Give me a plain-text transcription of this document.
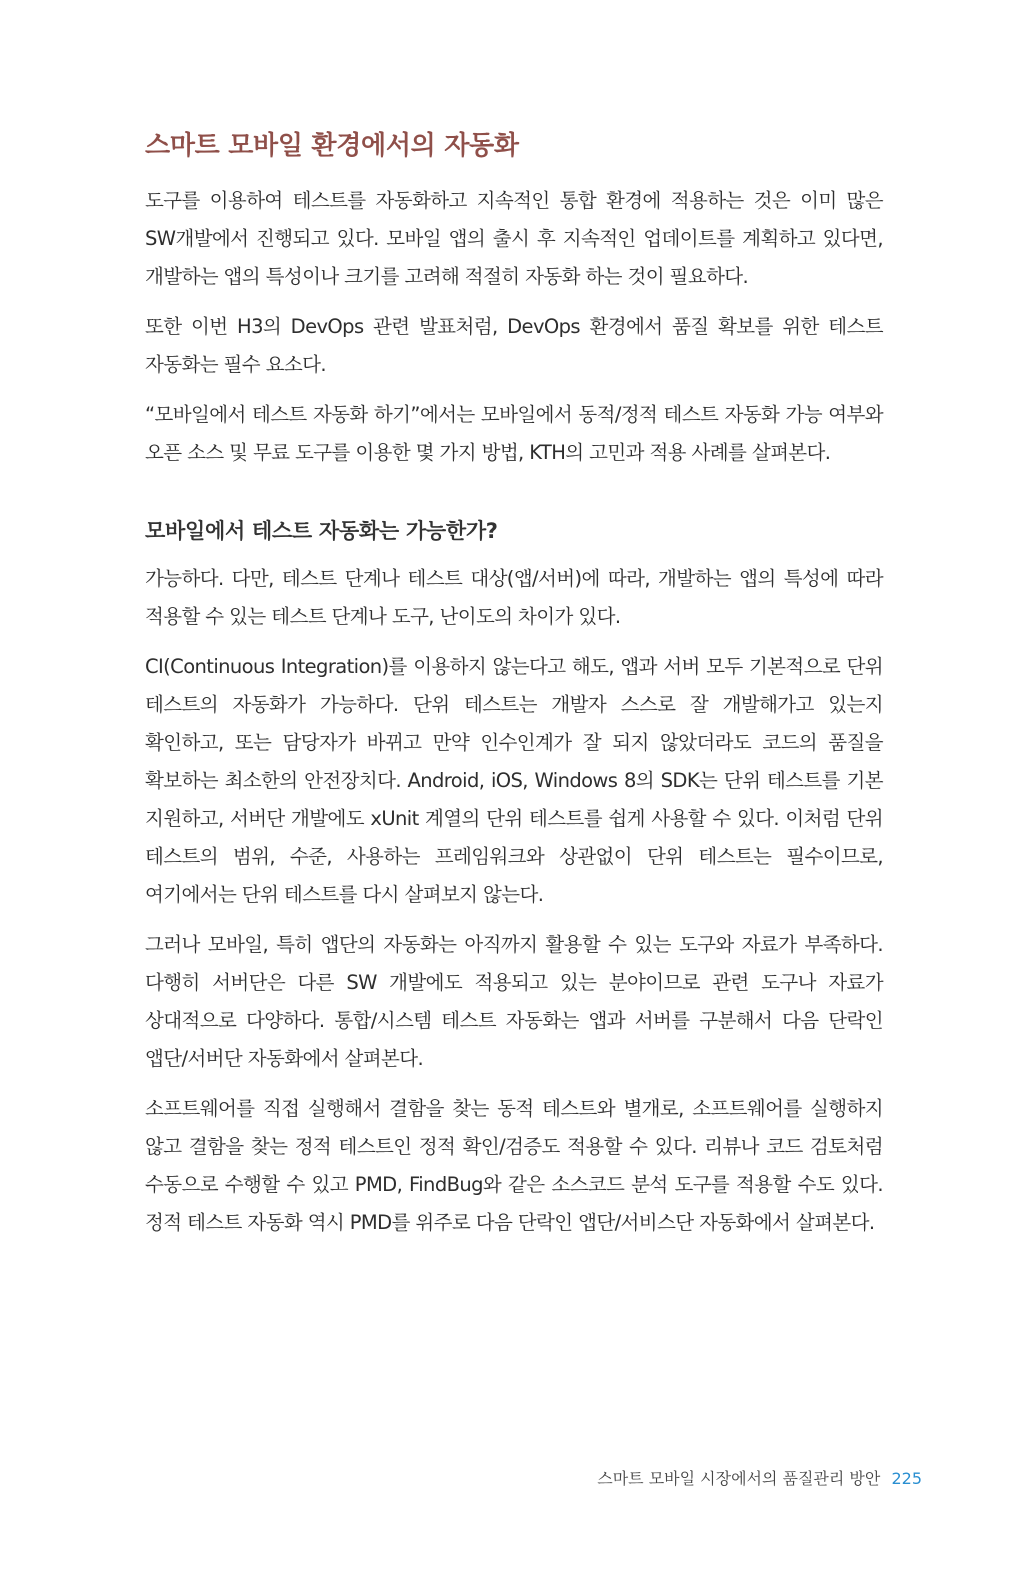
스마트 모바일 환경에서의 자동화

도구를 이용하여 테스트를 자동화하고 지속적인 통합 환경에 적용하는 것은 이미 많은 SW개발에서 진행되고 있다. 모바일 앱의 출시 후 지속적인 업데이트를 계획하고 있다면, 개발하는 앱의 특성이나 크기를 고려해 적절히 자동화 하는 것이 필요하다.

또한 이번 H3의 DevOps 관련 발표처럼, DevOps 환경에서 품질 확보를 위한 테스트 자동화는 필수 요소다.

“모바일에서 테스트 자동화 하기”에서는 모바일에서 동적/정적 테스트 자동화 가능 여부와 오픈 소스 및 무료 도구를 이용한 몇 가지 방법, KTH의 고민과 적용 사례를 살펴본다.

모바일에서 테스트 자동화는 가능한가?

가능하다. 다만, 테스트 단계나 테스트 대상(앱/서버)에 따라, 개발하는 앱의 특성에 따라 적용할 수 있는 테스트 단계나 도구, 난이도의 차이가 있다.

CI(Continuous Integration)를 이용하지 않는다고 해도, 앱과 서버 모두 기본적으로 단위 테스트의 자동화가 가능하다. 단위 테스트는 개발자 스스로 잘 개발해가고 있는지 확인하고, 또는 담당자가 바뀌고 만약 인수인계가 잘 되지 않았더라도 코드의 품질을 확보하는 최소한의 안전장치다. Android, iOS, Windows 8의 SDK는 단위 테스트를 기본 지원하고, 서버단 개발에도 xUnit 계열의 단위 테스트를 쉽게 사용할 수 있다. 이처럼 단위 테스트의 범위, 수준, 사용하는 프레임워크와 상관없이 단위 테스트는 필수이므로, 여기에서는 단위 테스트를 다시 살펴보지 않는다.

그러나 모바일, 특히 앱단의 자동화는 아직까지 활용할 수 있는 도구와 자료가 부족하다. 다행히 서버단은 다른 SW 개발에도 적용되고 있는 분야이므로 관련 도구나 자료가 상대적으로 다양하다. 통합/시스템 테스트 자동화는 앱과 서버를 구분해서 다음 단락인 앱단/서버단 자동화에서 살펴본다.

소프트웨어를 직접 실행해서 결함을 찾는 동적 테스트와 별개로, 소프트웨어를 실행하지 않고 결함을 찾는 정적 테스트인 정적 확인/검증도 적용할 수 있다. 리뷰나 코드 검토처럼 수동으로 수행할 수 있고 PMD, FindBug와 같은 소스코드 분석 도구를 적용할 수도 있다. 정적 테스트 자동화 역시 PMD를 위주로 다음 단락인 앱단/서비스단 자동화에서 살펴본다.

스마트 모바일 시장에서의 품질관리 방안 225
